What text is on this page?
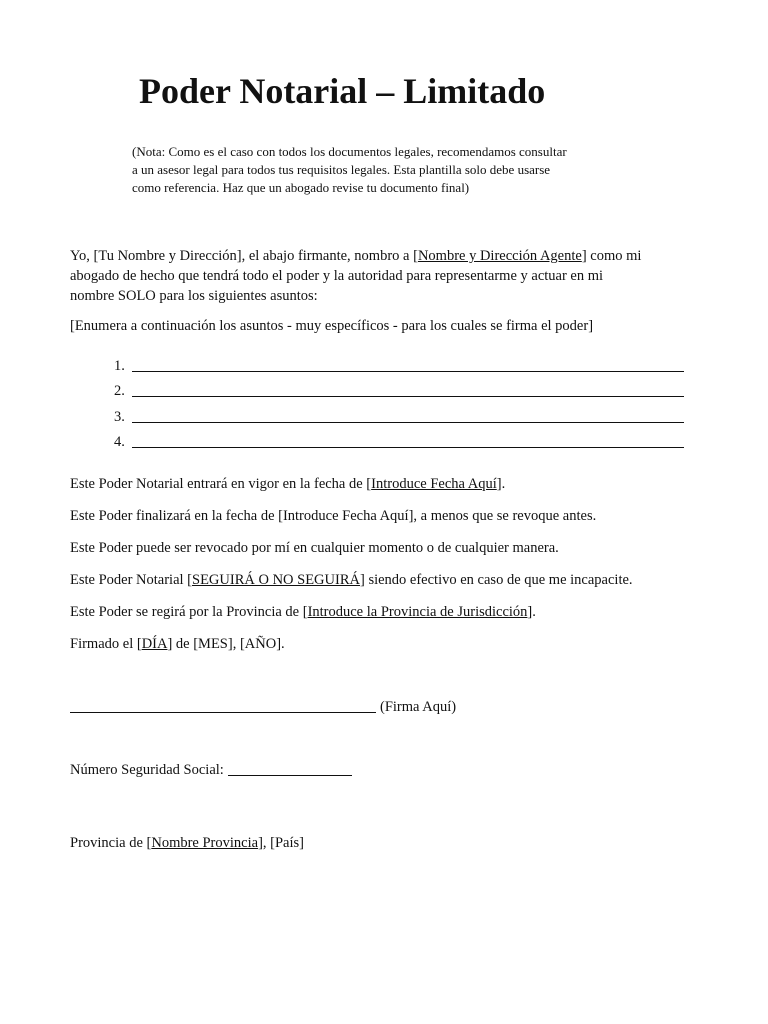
Poder Notarial – Limitado
(Nota: Como es el caso con todos los documentos legales, recomendamos consultar
a un asesor legal para todos tus requisitos legales. Esta plantilla solo debe usarse
como referencia. Haz que un abogado revise tu documento final)
Yo, [Tu Nombre y Dirección], el abajo firmante, nombro a [Nombre y Dirección Agente] como mi
abogado de hecho que tendrá todo el poder y la autoridad para representarme y actuar en mi
nombre SOLO para los siguientes asuntos:
[Enumera a continuación los asuntos - muy específicos - para los cuales se firma el poder]
1.
2.
3.
4.
Este Poder Notarial entrará en vigor en la fecha de [Introduce Fecha Aquí].
Este Poder finalizará en la fecha de [Introduce Fecha Aquí], a menos que se revoque antes.
Este Poder puede ser revocado por mí en cualquier momento o de cualquier manera.
Este Poder Notarial [SEGUIRÁ O NO SEGUIRÁ] siendo efectivo en caso de que me incapacite.
Este Poder se regirá por la Provincia de [Introduce la Provincia de Jurisdicción].
Firmado el [DÍA] de [MES], [AÑO].
(Firma Aquí)
Número Seguridad Social:
Provincia de [Nombre Provincia], [País]
